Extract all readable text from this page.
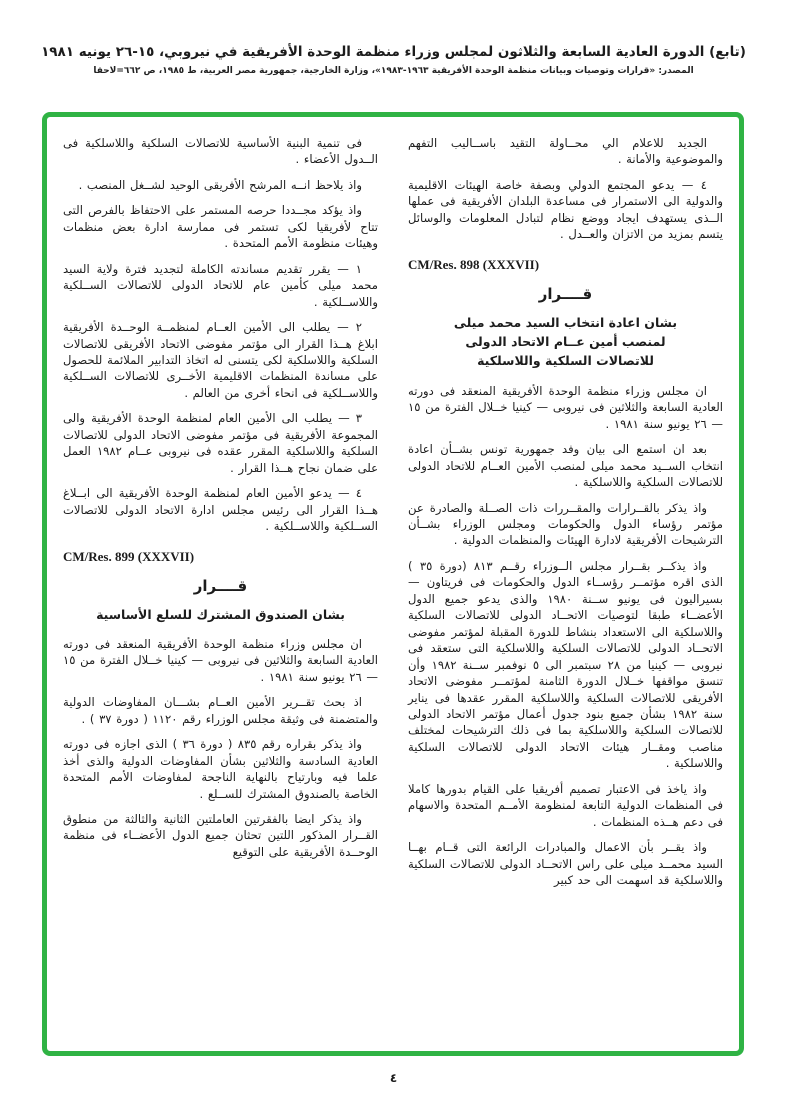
(تابع) الدورة العادية السابعة والثلاثون لمجلس وزراء منظمة الوحدة الأفريقية في نيروبي، ١٥-٢٦ يونيه ١٩٨١
المصدر: «قرارات وتوصيات وبيانات منظمة الوحدة الأفريقية ١٩٦٣-١٩٨٣»، وزارة الخارجية، جمهورية مصر العربية، ط ١٩٨٥، ص ٦٦٢=لاحقا

الجديد للاعلام الي محــاولة التقيد باســاليب التفهم والموضوعية والأمانة .

٤ — يدعو المجتمع الدولي وبصفة خاصة الهيئات الاقليمية والدولية الى الاستمرار فى مساعدة البلدان الأفريقية فى عملها الــذى يستهدف ايجاد ووضع نظام لتبادل المعلومات والوسائل يتسم بمزيد من الاتزان والعــدل .

CM/Res. 898 (XXXVII)
قــــرار
بشان اعادة انتخاب السيد محمد ميلى
لمنصب أمين عــام الاتحاد الدولى
للاتصالات السلكية واللاسلكية

ان مجلس وزراء منظمة الوحدة الأفريقية المنعقد فى دورته العادية السابعة والثلاثين فى نيروبى — كينيا خــلال الفترة من ١٥ — ٢٦ يونيو سنة ١٩٨١ .

بعد ان استمع الى بيان وفد جمهورية تونس بشــأن اعادة انتخاب الســيد محمد ميلى لمنصب الأمين العــام للاتحاد الدولى للاتصالات السلكية واللاسلكية .

واذ يذكر بالقــرارات والمقــررات ذات الصــلة والصادرة عن مؤتمر رؤساء الدول والحكومات ومجلس الوزراء بشــأن الترشيحات الأفريقية لادارة الهيئات والمنظمات الدولية .

واذ يذكــر بقــرار مجلس الــوزراء رقــم ٨١٣ (دورة ٣٥ ) الذى اقره مؤتمــر رؤســاء الدول والحكومات فى فريتاون — بسيراليون فى يونيو ســنة ١٩٨٠ والذى يدعو جميع الدول الأعضــاء طبقا لتوصيات الاتحــاد الدولى للاتصالات السلكية واللاسلكية الى الاستعداد بنشاط للدورة المقبلة لمؤتمر مفوضى الاتحــاد الدولى للاتصالات السلكية واللاسلكية التى ستعقد فى نيروبى — كينيا من ٢٨ سبتمبر الى ٥ نوفمبر ســنة ١٩٨٢ وأن تنسق مواقفها خــلال الدورة الثامنة لمؤتمــر مفوضى الاتحاد الأفريقى للاتصالات السلكية واللاسلكية المقرر عقدها فى يناير سنة ١٩٨٢ بشأن جميع بنود جدول أعمال مؤتمر الاتحاد الدولى للاتصالات السلكية واللاسلكية بما فى ذلك الترشيحات لمختلف مناصب ومقــار هيئات الاتحاد الدولى للاتصالات السلكية واللاسلكية .

واذ ياخذ فى الاعتبار تصميم أفريقيا على القيام بدورها كاملا فى المنظمات الدولية التابعة لمنظومة الأمــم المتحدة والاسهام فى دعم هــذه المنظمات .

واذ يقــر بأن الاعمال والمبادرات الرائعة التى قــام بهــا السيد محمــد ميلى على راس الاتحــاد الدولى للاتصالات السلكية واللاسلكية قد اسهمت الى حد كبير

فى تنمية البنية الأساسية للاتصالات السلكية واللاسلكية فى الــدول الأعضاء .

واذ يلاحظ انــه المرشح الأفريقى الوحيد لشــغل المنصب .

واذ يؤكد مجــددا حرصه المستمر على الاحتفاظ بالفرص التى تتاح لأفريقيا لكى تستمر فى ممارسة ادارة بعض منظمات وهيئات منظومة الأمم المتحدة .

١ — يقرر تقديم مساندته الكاملة لتجديد فترة ولاية السيد محمد ميلى كأمين عام للاتحاد الدولى للاتصالات الســلكية واللاســلكية .

٢ — يطلب الى الأمين العــام لمنظمــة الوحــدة الأفريقية ابلاغ هــذا القرار الى مؤتمر مفوضى الاتحاد الأفريقى للاتصالات السلكية واللاسلكية لكى يتسنى له اتخاذ التدابير الملائمة للحصول على مساندة المنظمات الاقليمية الأخــرى للاتصالات الســلكية واللاســلكية فى انحاء أخرى من العالم .

٣ — يطلب الى الأمين العام لمنظمة الوحدة الأفريقية والى المجموعة الأفريقية فى مؤتمر مفوضى الاتحاد الدولى للاتصالات السلكية واللاسلكية المقرر عقده فى نيروبى عــام ١٩٨٢ العمل على ضمان نجاح هــذا القرار .

٤ — يدعو الأمين العام لمنظمة الوحدة الأفريقية الى ابــلاغ هــذا القرار الى رئيس مجلس ادارة الاتحاد الدولى للاتصالات الســلكية واللاســلكية .

CM/Res. 899 (XXXVII)
قــــرار
بشان الصندوق المشترك للسلع الأساسية

ان مجلس وزراء منظمة الوحدة الأفريقية المنعقد فى دورته العادية السابعة والثلاثين فى نيروبى — كينيا خــلال الفترة من ١٥ — ٢٦ يونيو سنة ١٩٨١ .

اذ بحث تقــرير الأمين العــام بشـــان المفاوضات الدولية والمتضمنة فى وثيقة مجلس الوزراء رقم ١١٢٠ ( دورة ٣٧ ) .

واذ يذكر بقراره رقم ٨٣٥ ( دورة ٣٦ ) الذى اجازه فى دورته العادية السادسة والثلاثين بشأن المفاوضات الدولية والذى أخذ علما فيه وبارتياح بالنهاية الناجحة لمفاوضات الأمم المتحدة الخاصة بالصندوق المشترك للســلع .

واذ يذكر ايضا بالفقرتين العاملتين الثانية والثالثة من منطوق القــرار المذكور اللتين تحثان جميع الدول الأعضــاء فى منظمة الوحــدة الأفريقية على التوقيع

٤
